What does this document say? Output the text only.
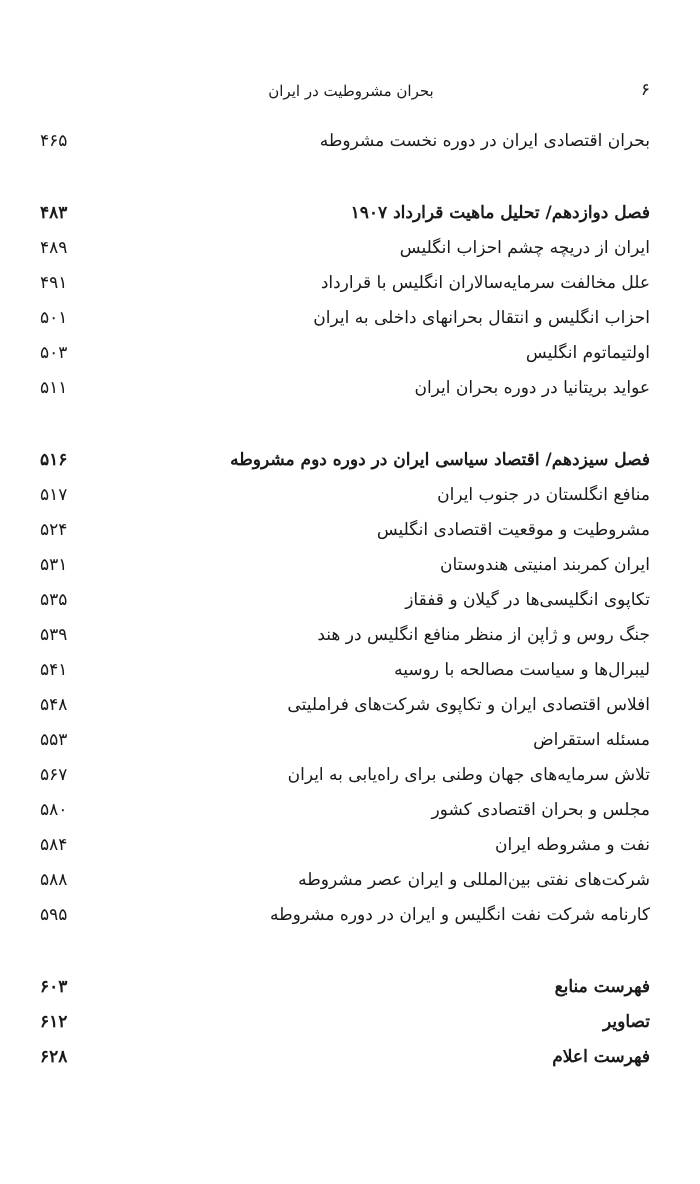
۶
بحران مشروطیت در ایران
بحران اقتصادی ایران در دوره نخست مشروطه
۴۶۵
فصل دوازدهم/ تحلیل ماهیت قرارداد ۱۹۰۷
۴۸۳
ایران از دریچه چشم احزاب انگلیس
۴۸۹
علل مخالفت سرمایه‌سالاران انگلیس با قرارداد
۴۹۱
احزاب انگلیس و انتقال بحرانهای داخلی به ایران
۵۰۱
اولتیماتوم انگلیس
۵۰۳
عواید بریتانیا در دوره بحران ایران
۵۱۱
فصل سیزدهم/ اقتصاد سیاسی ایران در دوره دوم مشروطه
۵۱۶
منافع انگلستان در جنوب ایران
۵۱۷
مشروطیت و موقعیت اقتصادی انگلیس
۵۲۴
ایران کمربند امنیتی هندوستان
۵۳۱
تکاپوی انگلیسی‌ها در گیلان و قفقاز
۵۳۵
جنگ روس و ژاپن از منظر منافع انگلیس در هند
۵۳۹
لیبرال‌ها و سیاست مصالحه با روسیه
۵۴۱
افلاس اقتصادی ایران و تکاپوی شرکت‌های فراملیتی
۵۴۸
مسئله استقراض
۵۵۳
تلاش سرمایه‌های جهان وطنی برای راه‌یابی به ایران
۵۶۷
مجلس و بحران اقتصادی کشور
۵۸۰
نفت و مشروطه ایران
۵۸۴
شرکت‌های نفتی بین‌المللی و ایران عصر مشروطه
۵۸۸
کارنامه شرکت نفت انگلیس و ایران در دوره مشروطه
۵۹۵
فهرست منابع
۶۰۳
تصاویر
۶۱۲
فهرست اعلام
۶۲۸
